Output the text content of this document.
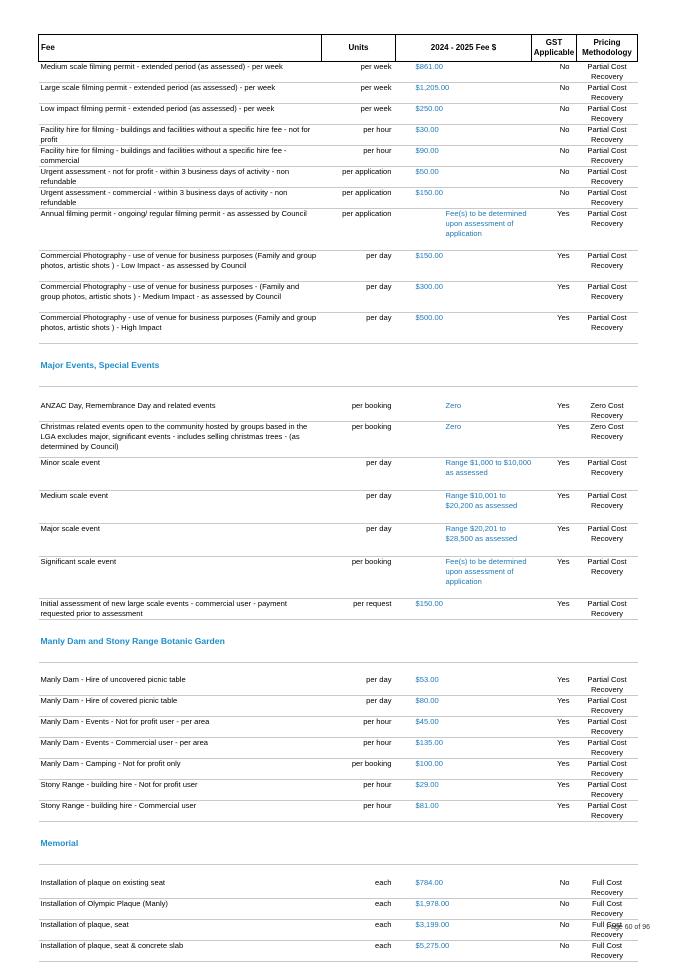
Fee	Units	2024 - 2025 Fee $	GST Applicable	Pricing Methodology
Medium scale filming permit - extended period (as assessed) - per week	per week	$861.00	No	Partial Cost Recovery
Large scale filming permit - extended period (as assessed) - per week	per week	$1,205.00	No	Partial Cost Recovery
Low impact filming permit - extended period (as assessed) - per week	per week	$250.00	No	Partial Cost Recovery
Facility hire for filming - buildings and facilities without a specific hire fee - not for profit	per hour	$30.00	No	Partial Cost Recovery
Facility hire for filming - buildings and facilities without a specific hire fee - commercial	per hour	$90.00	No	Partial Cost Recovery
Urgent assessment - not for profit - within 3 business days of activity - non refundable	per application	$50.00	No	Partial Cost Recovery
Urgent assessment - commercial - within 3 business days of activity - non refundable	per application	$150.00	No	Partial Cost Recovery
Annual filming permit - ongoing/ regular filming permit - as assessed by Council	per application	Fee(s) to be determined upon assessment of application	Yes	Partial Cost Recovery
Commercial Photography - use of venue for business purposes (Family and group photos, artistic shots ) - Low Impact - as assessed by Council	per day	$150.00	Yes	Partial Cost Recovery
Commercial Photography - use of venue for business purposes - (Family and group photos, artistic shots ) - Medium Impact - as assessed by Council	per day	$300.00	Yes	Partial Cost Recovery
Commercial Photography - use of venue for business purposes (Family and group photos, artistic shots ) - High Impact	per day	$500.00	Yes	Partial Cost Recovery
Major Events, Special Events				

ANZAC Day, Remembrance Day and related events	per booking	Zero	Yes	Zero Cost Recovery
Christmas related events open to the community hosted by groups based in the LGA excludes major, significant events - includes selling christmas trees - (as determined by Council)	per booking	Zero	Yes	Zero Cost Recovery
Minor scale event	per day	Range $1,000 to $10,000 as assessed	Yes	Partial Cost Recovery
Medium scale event	per day	Range $10,001 to $20,200 as assessed	Yes	Partial Cost Recovery
Major scale event	per day	Range $20,201 to $28,500 as assessed	Yes	Partial Cost Recovery
Significant scale event	per booking	Fee(s) to be determined upon assessment of application	Yes	Partial Cost Recovery
Initial assessment of new large scale events - commercial user - payment requested prior to assessment	per request	$150.00	Yes	Partial Cost Recovery
Manly Dam and Stony Range Botanic Garden				

Manly Dam - Hire of uncovered picnic table	per day	$53.00	Yes	Partial Cost Recovery
Manly Dam - Hire of covered picnic table	per day	$80.00	Yes	Partial Cost Recovery
Manly Dam - Events - Not for profit user - per area	per hour	$45.00	Yes	Partial Cost Recovery
Manly Dam - Events - Commercial user - per area	per hour	$135.00	Yes	Partial Cost Recovery
Manly Dam - Camping - Not for profit only	per booking	$100.00	Yes	Partial Cost Recovery
Stony Range - building hire - Not for profit user	per hour	$29.00	Yes	Partial Cost Recovery
Stony Range - building hire - Commercial user	per hour	$81.00	Yes	Partial Cost Recovery
Memorial				

Installation of plaque on existing seat	each	$784.00	No	Full Cost Recovery
Installation of Olympic Plaque (Manly)	each	$1,978.00	No	Full Cost Recovery
Installation of plaque, seat	each	$3,199.00	No	Full Cost Recovery
Installation of plaque, seat & concrete slab	each	$5,275.00	No	Full Cost Recovery
Page 60 of 96
